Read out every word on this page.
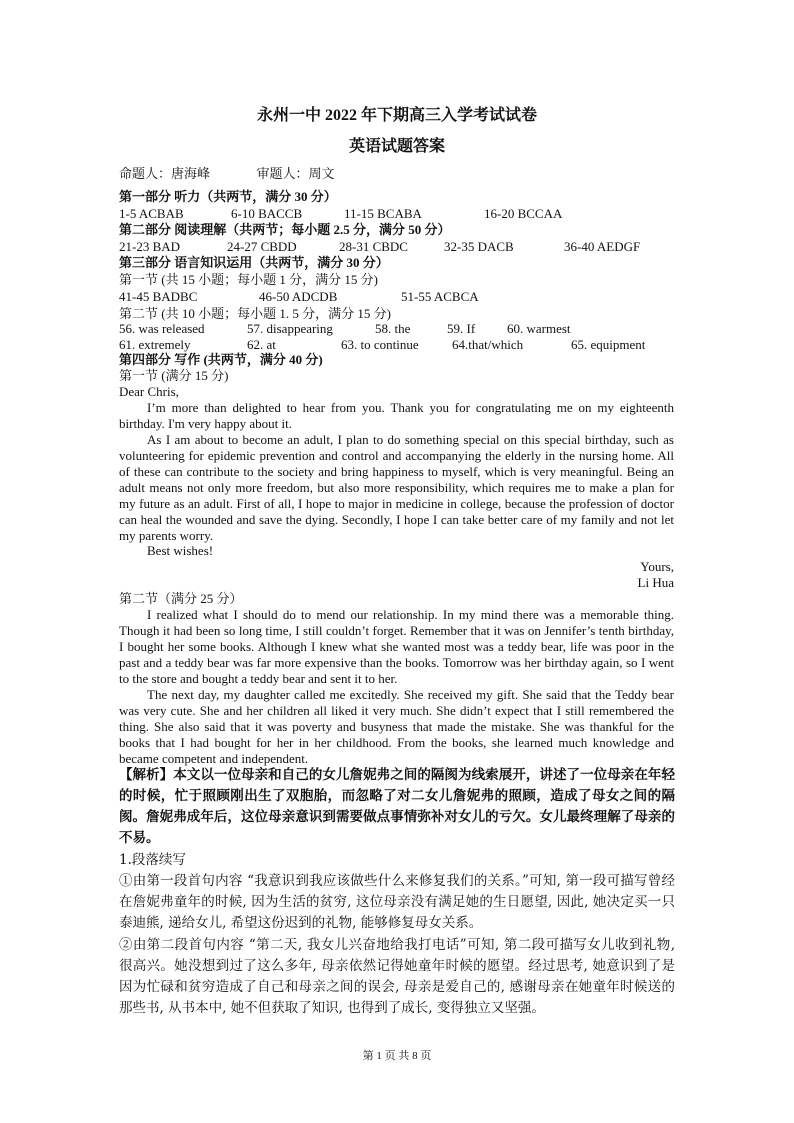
永州一中 2022 年下期高三入学考试试卷
英语试题答案
命题人：唐海峰	审题人：周文
第一部分 听力（共两节，满分 30 分）
1-5 ACBAB	6-10 BACCB	11-15 BCABA	16-20 BCCAA
第二部分 阅读理解（共两节；每小题 2.5 分，满分 50 分）
21-23 BAD	24-27 CBDD	28-31 CBDC	32-35 DACB	36-40 AEDGF
第三部分 语言知识运用（共两节，满分 30 分）
第一节 (共 15 小题；每小题 1 分，满分 15 分)
41-45 BADBC	46-50 ADCDB	51-55 ACBCA
第二节 (共 10 小题；每小题 1. 5 分，满分 15 分)
56. was released	57. disappearing	58. the	59. If 60. warmest
61. extremely	62. at	63. to continue	64.that/which	65. equipment
第四部分 写作 (共两节，满分 40 分)
第一节 (满分 15 分)
Dear Chris,
I’m more than delighted to hear from you. Thank you for congratulating me on my eighteenth birthday. I'm very happy about it.
As I am about to become an adult, I plan to do something special on this special birthday, such as volunteering for epidemic prevention and control and accompanying the elderly in the nursing home. All of these can contribute to the society and bring happiness to myself, which is very meaningful. Being an adult means not only more freedom, but also more responsibility, which requires me to make a plan for my future as an adult. First of all, I hope to major in medicine in college, because the profession of doctor can heal the wounded and save the dying. Secondly, I hope I can take better care of my family and not let my parents worry.
Best wishes!
Yours,
Li Hua
第二节（满分 25 分）
I realized what I should do to mend our relationship. In my mind there was a memorable thing. Though it had been so long time, I still couldn’t forget. Remember that it was on Jennifer’s tenth birthday, I bought her some books. Although I knew what she wanted most was a teddy bear, life was poor in the past and a teddy bear was far more expensive than the books. Tomorrow was her birthday again, so I went to the store and bought a teddy bear and sent it to her.
The next day, my daughter called me excitedly. She received my gift. She said that the Teddy bear was very cute. She and her children all liked it very much. She didn’t expect that I still remembered the thing. She also said that it was poverty and busyness that made the mistake. She was thankful for the books that I had bought for her in her childhood. From the books, she learned much knowledge and became competent and independent.
【解析】本文以一位母亲和自己的女儿詹妮弗之间的隔阂为线索展开，讲述了一位母亲在年轻的时候，忙于照顾刚出生了双胞胎，而忽略了对二女儿詹妮弗的照顾，造成了母女之间的隔阂。詹妮弗成年后，这位母亲意识到需要做点事情弥补对女儿的亏欠。女儿最终理解了母亲的不易。
1.段落续写
①由第一段首句内容 “我意识到我应该做些什么来修复我们的关系。”可知, 第一段可描写曾经在詹妮弗童年的时候, 因为生活的贫穷, 这位母亲没有满足她的生日愿望, 因此, 她决定买一只泰迪熊, 递给女儿, 希望这份迟到的礼物, 能够修复母女关系。
②由第二段首句内容 “第二天, 我女儿兴奋地给我打电话”可知, 第二段可描写女儿收到礼物, 很高兴。她没想到过了这么多年, 母亲依然记得她童年时候的愿望。经过思考, 她意识到了是因为忙碌和贫穷造成了自己和母亲之间的误会, 母亲是爱自己的, 感谢母亲在她童年时候送的那些书, 从书本中, 她不但获取了知识, 也得到了成长, 变得独立又坚强。
第 1 页 共 8 页
